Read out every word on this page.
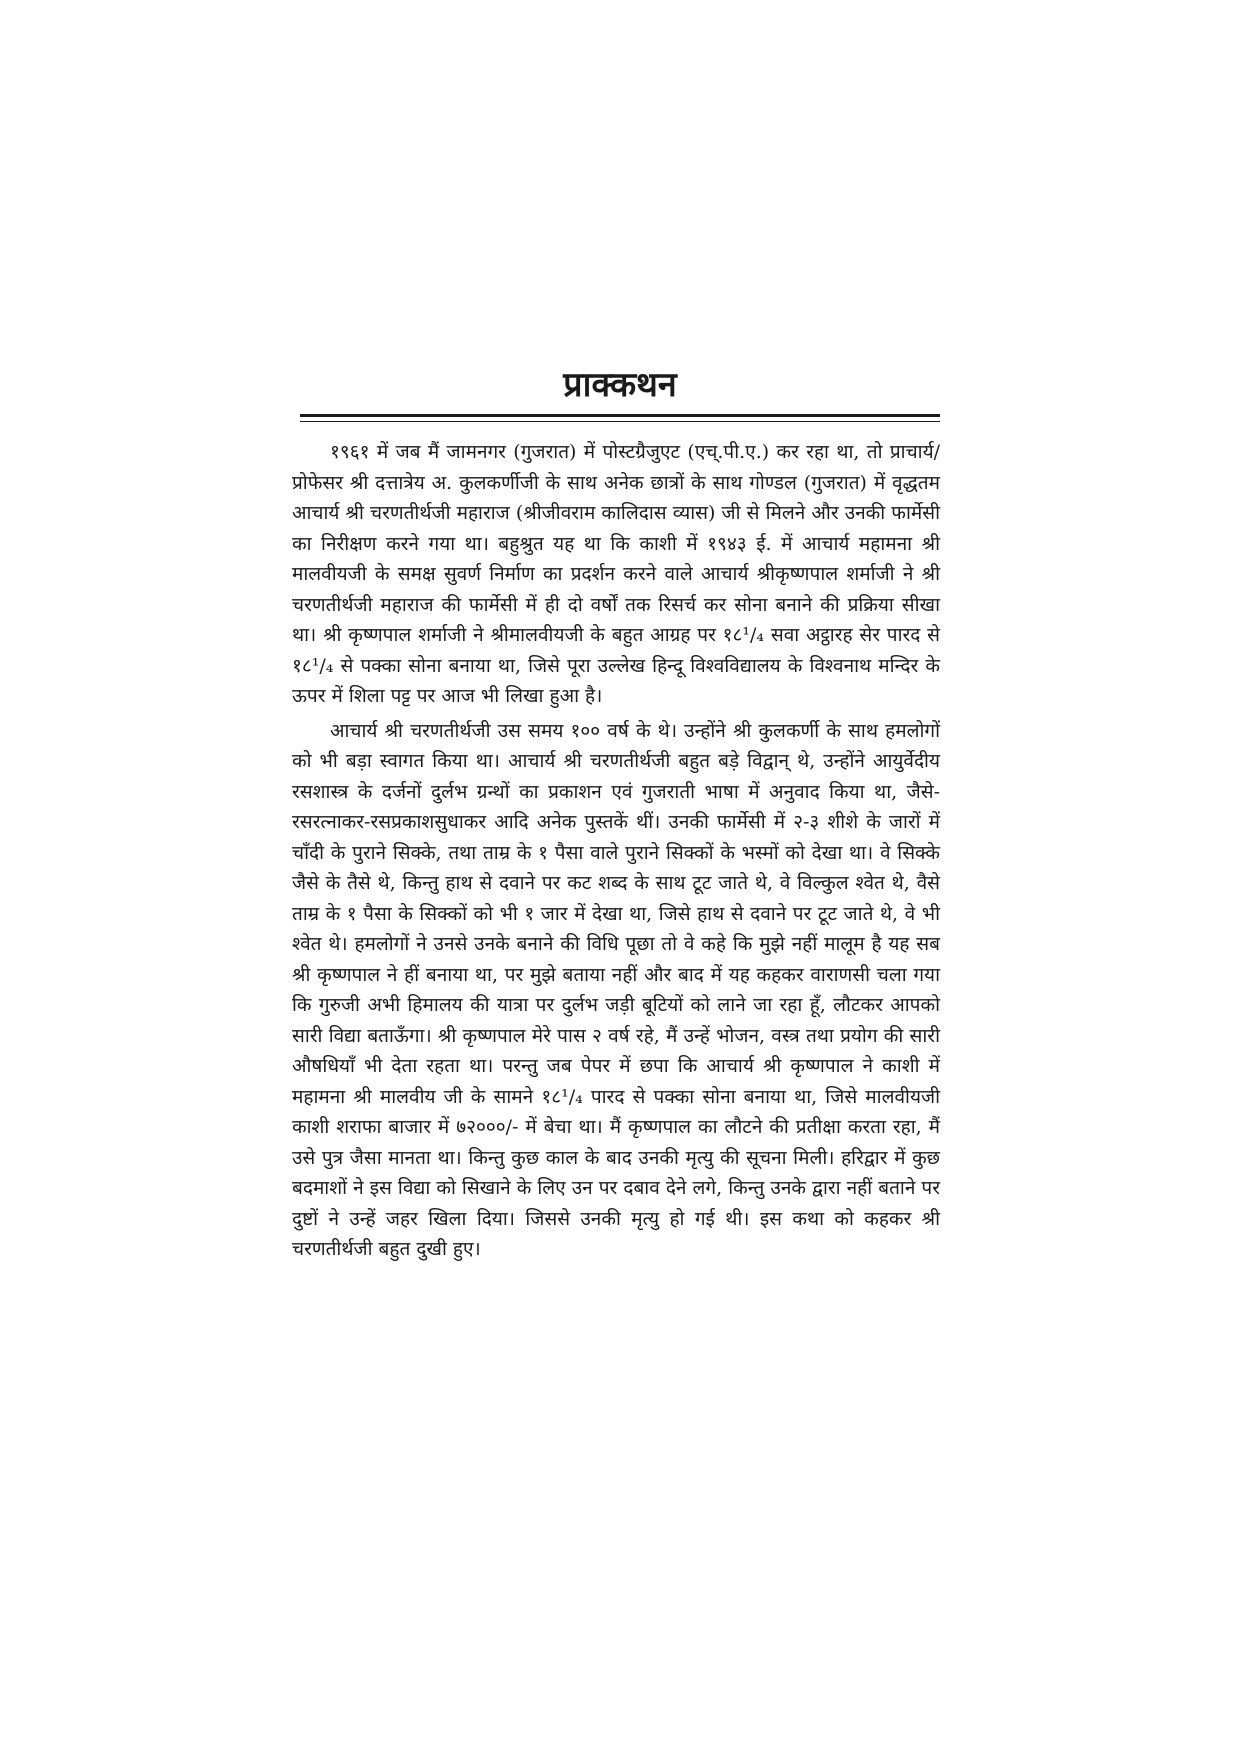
प्राक्कथन

१९६१ में जब मैं जामनगर (गुजरात) में पोस्टग्रैजुएट (एच्.पी.ए.) कर रहा था, तो प्राचार्य/प्रोफेसर श्री दत्तात्रेय अ. कुलकर्णीजी के साथ अनेक छात्रों के साथ गोण्डल (गुजरात) में वृद्धतम आचार्य श्री चरणतीर्थजी महाराज (श्रीजीवराम कालिदास व्यास) जी से मिलने और उनकी फार्मेसी का निरीक्षण करने गया था। बहुश्रुत यह था कि काशी में १९४३ ई. में आचार्य महामना श्री मालवीयजी के समक्ष सुवर्ण निर्माण का प्रदर्शन करने वाले आचार्य श्रीकृष्णपाल शर्माजी ने श्री चरणतीर्थजी महाराज की फार्मेसी में ही दो वर्षों तक रिसर्च कर सोना बनाने की प्रक्रिया सीखा था। श्री कृष्णपाल शर्माजी ने श्रीमालवीयजी के बहुत आग्रह पर १८¹/₄ सवा अट्ठारह सेर पारद से १८¹/₄ से पक्का सोना बनाया था, जिसे पूरा उल्लेख हिन्दू विश्वविद्यालय के विश्वनाथ मन्दिर के ऊपर में शिला पट्ट पर आज भी लिखा हुआ है।

आचार्य श्री चरणतीर्थजी उस समय १०० वर्ष के थे। उन्होंने श्री कुलकर्णी के साथ हमलोगों को भी बड़ा स्वागत किया था। आचार्य श्री चरणतीर्थजी बहुत बड़े विद्वान् थे, उन्होंने आयुर्वेदीय रसशास्त्र के दर्जनों दुर्लभ ग्रन्थों का प्रकाशन एवं गुजराती भाषा में अनुवाद किया था, जैसे- रसरत्नाकर-रसप्रकाशसुधाकर आदि अनेक पुस्तकें थीं। उनकी फार्मेसी में २-३ शीशे के जारों में चाँदी के पुराने सिक्के, तथा ताम्र के १ पैसा वाले पुराने सिक्कों के भस्मों को देखा था। वे सिक्के जैसे के तैसे थे, किन्तु हाथ से दवाने पर कट शब्द के साथ टूट जाते थे, वे विल्कुल श्वेत थे, वैसे ताम्र के १ पैसा के सिक्कों को भी १ जार में देखा था, जिसे हाथ से दवाने पर टूट जाते थे, वे भी श्वेत थे। हमलोगों ने उनसे उनके बनाने की विधि पूछा तो वे कहे कि मुझे नहीं मालूम है यह सब श्री कृष्णपाल ने हीं बनाया था, पर मुझे बताया नहीं और बाद में यह कहकर वाराणसी चला गया कि गुरुजी अभी हिमालय की यात्रा पर दुर्लभ जड़ी बूटियों को लाने जा रहा हूँ, लौटकर आपको सारी विद्या बताऊँगा। श्री कृष्णपाल मेरे पास २ वर्ष रहे, मैं उन्हें भोजन, वस्त्र तथा प्रयोग की सारी औषधियाँ भी देता रहता था। परन्तु जब पेपर में छपा कि आचार्य श्री कृष्णपाल ने काशी में महामना श्री मालवीय जी के सामने १८¹/₄ पारद से पक्का सोना बनाया था, जिसे मालवीयजी काशी शराफा बाजार में ७२०००/- में बेचा था। मैं कृष्णपाल का लौटने की प्रतीक्षा करता रहा, मैं उसे पुत्र जैसा मानता था। किन्तु कुछ काल के बाद उनकी मृत्यु की सूचना मिली। हरिद्वार में कुछ बदमाशों ने इस विद्या को सिखाने के लिए उन पर दबाव देने लगे, किन्तु उनके द्वारा नहीं बताने पर दुष्टों ने उन्हें जहर खिला दिया। जिससे उनकी मृत्यु हो गई थी। इस कथा को कहकर श्री चरणतीर्थजी बहुत दुखी हुए।
